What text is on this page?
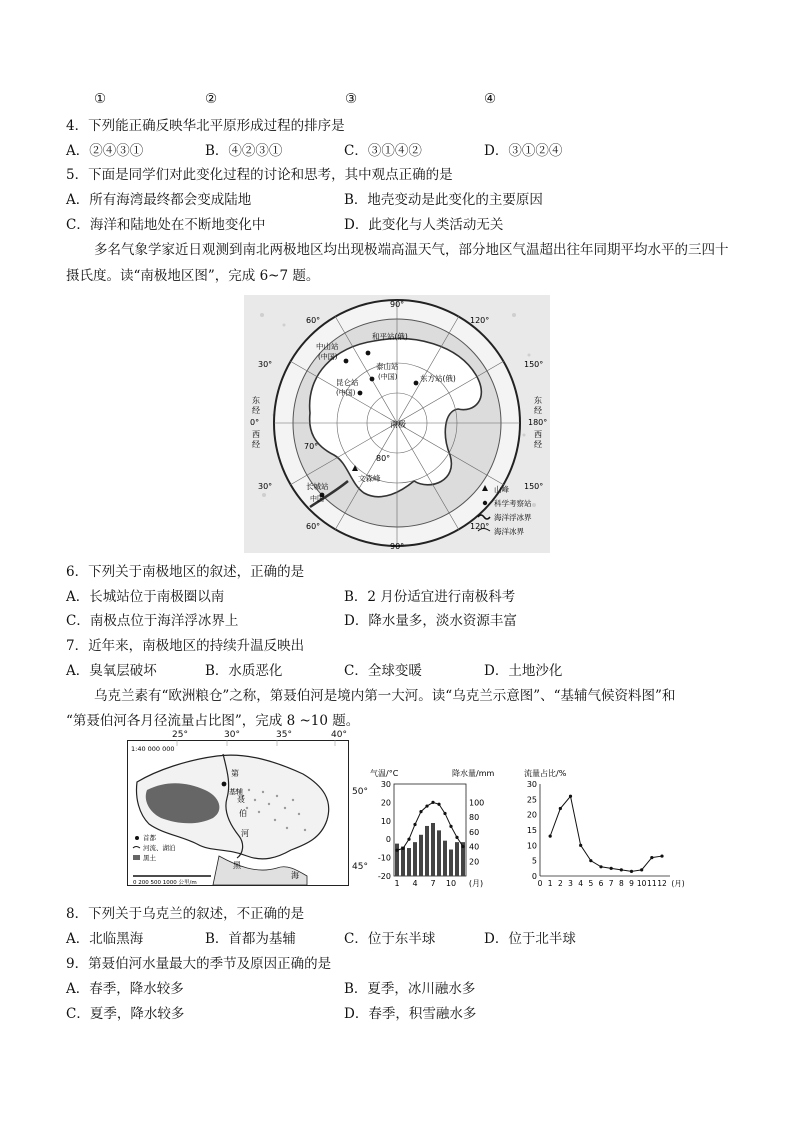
①	②	③	④
4．下列能正确反映华北平原形成过程的排序是
A．②④③①	B．④②③①	C．③①④②	D．③①②④
5．下面是同学们对此变化过程的讨论和思考，其中观点正确的是
A．所有海湾最终都会变成陆地	B．地壳变动是此变化的主要原因
C．海洋和陆地处在不断地变化中	D．此变化与人类活动无关
多名气象学家近日观测到南北两极地区均出现极端高温天气，部分地区气温超出往年同期平均水平的三四十摄氏度。读“南极地区图”，完成 6~7 题。
90°
60°	120°
30°	150°
30°	150°
60°	120°
90°
70°
80°
东
经
0°
西
经
东
经
180°
西
经
和平站(俄)
中山站
(中国)
泰山站
(中国)	东方站(俄)
昆仑站
(中国)
长城站
中国
南极
文森峰
山峰
科学考察站
海洋浮冰界
海洋冰界
6．下列关于南极地区的叙述，正确的是
A．长城站位于南极圈以南	B．2 月份适宜进行南极科考
C．南极点位于海洋浮冰界上	D．降水量多，淡水资源丰富
7．近年来，南极地区的持续升温反映出
A．臭氧层破坏	B．水质恶化	C．全球变暖	D．土地沙化
乌克兰素有“欧洲粮仓”之称，第聂伯河是境内第一大河。读“乌克兰示意图”、“基辅气候资料图”和
“第聂伯河各月径流量占比图”，完成 8 ~10 题。
1:40 000 000
第
基辅
聂
伯
河
黑
海
首都
河流、湖泊
黑土
0 200 500 1000 公里/m
25°	30°	35°	40°
50°
45°
气温/°C	降水量/mm
30
20
10
0
-10
-20
100
80
60
40
20
1 4 7 10 (月)
流量占比/%
30
25
20
15
10
5
0
0 1 2 3 4 5 6 7 8 9 10 11 12 (月)
8．下列关于乌克兰的叙述，不正确的是
A．北临黑海	B．首都为基辅	C．位于东半球	D．位于北半球
9．第聂伯河水量最大的季节及原因正确的是
A．春季，降水较多	B．夏季，冰川融水多
C．夏季，降水较多	D．春季，积雪融水多
